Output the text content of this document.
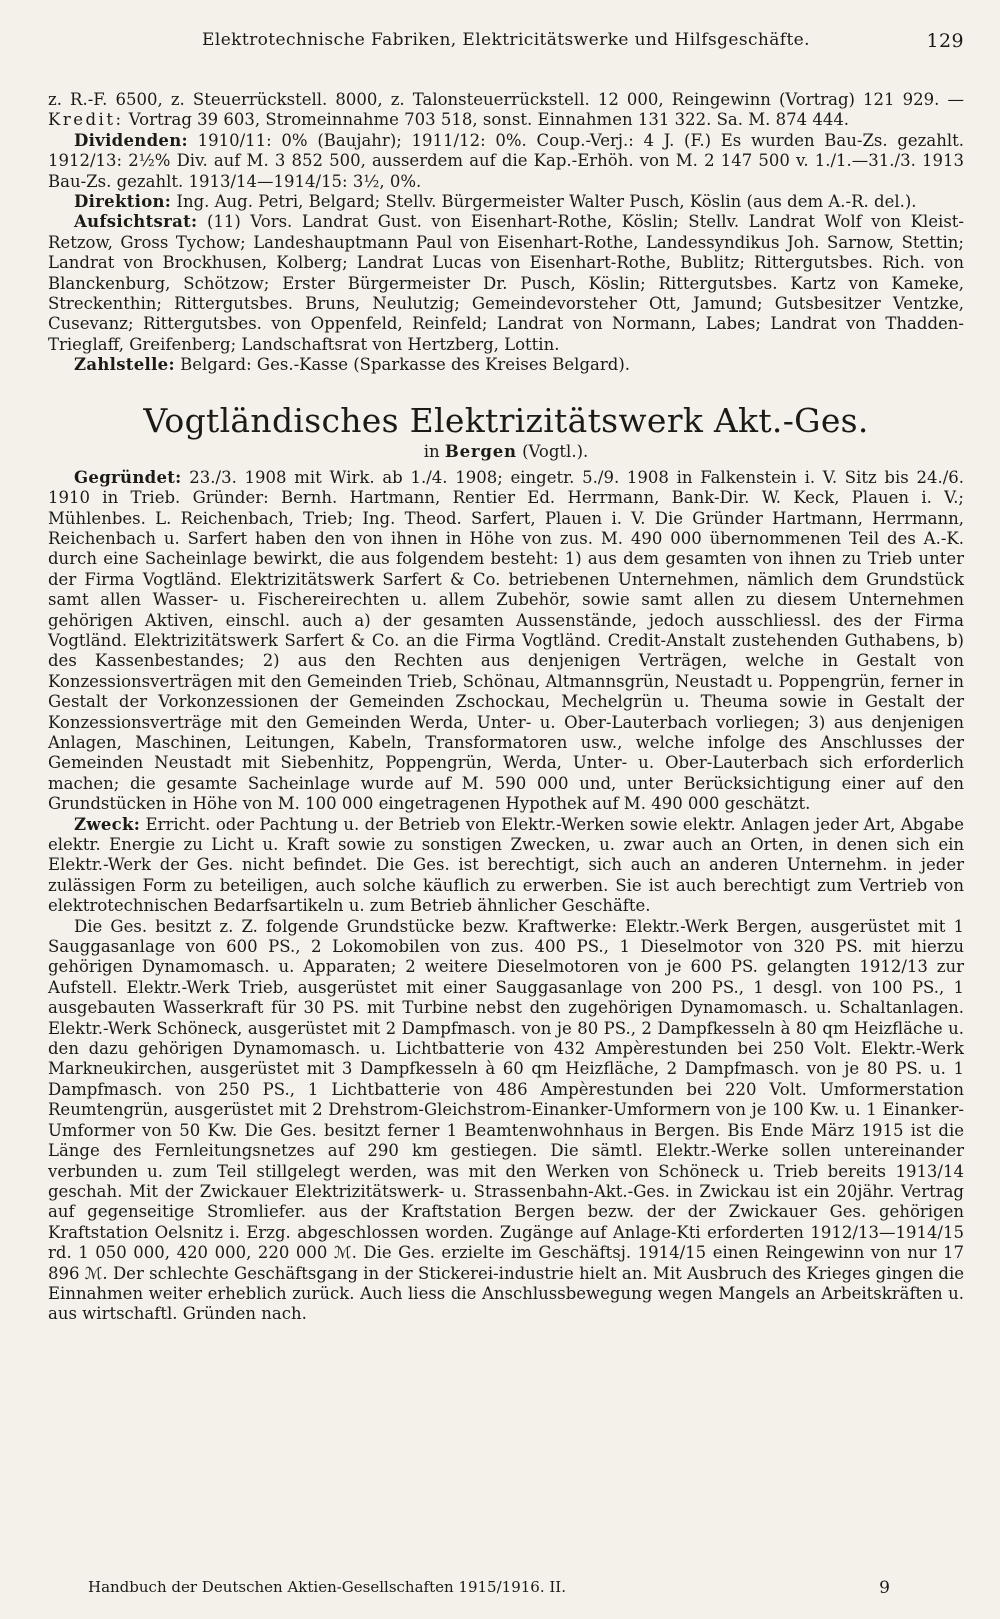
Elektrotechnische Fabriken, Elektricitätswerke und Hilfsgeschäfte.	129

z. R.-F. 6500, z. Steuerrückstell. 8000, z. Talonsteuerrückstell. 12 000, Reingewinn (Vortrag) 121 929. — Kredit: Vortrag 39 603, Stromeinnahme 703 518, sonst. Einnahmen 131 322. Sa. M. 874 444.

Dividenden: 1910/11: 0% (Baujahr); 1911/12: 0%. Coup.-Verj.: 4 J. (F.) Es wurden Bau-Zs. gezahlt. 1912/13: 2½% Div. auf M. 3 852 500, ausserdem auf die Kap.-Erhöh. von M. 2 147 500 v. 1./1.—31./3. 1913 Bau-Zs. gezahlt. 1913/14—1914/15: 3½, 0%.

Direktion: Ing. Aug. Petri, Belgard; Stellv. Bürgermeister Walter Pusch, Köslin (aus dem A.-R. del.).

Aufsichtsrat: (11) Vors. Landrat Gust. von Eisenhart-Rothe, Köslin; Stellv. Landrat Wolf von Kleist-Retzow, Gross Tychow; Landeshauptmann Paul von Eisenhart-Rothe, Landessyndikus Joh. Sarnow, Stettin; Landrat von Brockhusen, Kolberg; Landrat Lucas von Eisenhart-Rothe, Bublitz; Rittergutsbes. Rich. von Blanckenburg, Schötzow; Erster Bürgermeister Dr. Pusch, Köslin; Rittergutsbes. Kartz von Kameke, Streckenthin; Rittergutsbes. Bruns, Neulutzig; Gemeindevorsteher Ott, Jamund; Gutsbesitzer Ventzke, Cusevanz; Rittergutsbes. von Oppenfeld, Reinfeld; Landrat von Normann, Labes; Landrat von Thadden-Trieglaff, Greifenberg; Landschaftsrat von Hertzberg, Lottin.

Zahlstelle: Belgard: Ges.-Kasse (Sparkasse des Kreises Belgard).

Vogtländisches Elektrizitätswerk Akt.-Ges.
in Bergen (Vogtl.).

Gegründet: 23./3. 1908 mit Wirk. ab 1./4. 1908; eingetr. 5./9. 1908 in Falkenstein i. V. Sitz bis 24./6. 1910 in Trieb. Gründer: Bernh. Hartmann, Rentier Ed. Herrmann, Bank-Dir. W. Keck, Plauen i. V.; Mühlenbes. L. Reichenbach, Trieb; Ing. Theod. Sarfert, Plauen i. V. Die Gründer Hartmann, Herrmann, Reichenbach u. Sarfert haben den von ihnen in Höhe von zus. M. 490 000 übernommenen Teil des A.-K. durch eine Sacheinlage bewirkt, die aus folgendem besteht: 1) aus dem gesamten von ihnen zu Trieb unter der Firma Vogtländ. Elektrizitätswerk Sarfert & Co. betriebenen Unternehmen, nämlich dem Grundstück samt allen Wasser- u. Fischereirechten u. allem Zubehör, sowie samt allen zu diesem Unternehmen gehörigen Aktiven, einschl. auch a) der gesamten Aussenstände, jedoch ausschliessl. des der Firma Vogtländ. Elektrizitätswerk Sarfert & Co. an die Firma Vogtländ. Credit-Anstalt zustehenden Guthabens, b) des Kassenbestandes; 2) aus den Rechten aus denjenigen Verträgen, welche in Gestalt von Konzessionsverträgen mit den Gemeinden Trieb, Schönau, Altmannsgrün, Neustadt u. Poppengrün, ferner in Gestalt der Vorkonzessionen der Gemeinden Zschockau, Mechelgrün u. Theuma sowie in Gestalt der Konzessionsverträge mit den Gemeinden Werda, Unter- u. Ober-Lauterbach vorliegen; 3) aus denjenigen Anlagen, Maschinen, Leitungen, Kabeln, Transformatoren usw., welche infolge des Anschlusses der Gemeinden Neustadt mit Siebenhitz, Poppengrün, Werda, Unter- u. Ober-Lauterbach sich erforderlich machen; die gesamte Sacheinlage wurde auf M. 590 000 und, unter Berücksichtigung einer auf den Grundstücken in Höhe von M. 100 000 eingetragenen Hypothek auf M. 490 000 geschätzt.

Zweck: Erricht. oder Pachtung u. der Betrieb von Elektr.-Werken sowie elektr. Anlagen jeder Art, Abgabe elektr. Energie zu Licht u. Kraft sowie zu sonstigen Zwecken, u. zwar auch an Orten, in denen sich ein Elektr.-Werk der Ges. nicht befindet. Die Ges. ist berechtigt, sich auch an anderen Unternehm. in jeder zulässigen Form zu beteiligen, auch solche käuflich zu erwerben. Sie ist auch berechtigt zum Vertrieb von elektrotechnischen Bedarfsartikeln u. zum Betrieb ähnlicher Geschäfte.

Die Ges. besitzt z. Z. folgende Grundstücke bezw. Kraftwerke: Elektr.-Werk Bergen, ausgerüstet mit 1 Sauggasanlage von 600 PS., 2 Lokomobilen von zus. 400 PS., 1 Dieselmotor von 320 PS. mit hierzu gehörigen Dynamomasch. u. Apparaten; 2 weitere Dieselmotoren von je 600 PS. gelangten 1912/13 zur Aufstell. Elektr.-Werk Trieb, ausgerüstet mit einer Sauggasanlage von 200 PS., 1 desgl. von 100 PS., 1 ausgebauten Wasserkraft für 30 PS. mit Turbine nebst den zugehörigen Dynamomasch. u. Schaltanlagen. Elektr.-Werk Schöneck, ausgerüstet mit 2 Dampfmasch. von je 80 PS., 2 Dampfkesseln à 80 qm Heizfläche u. den dazu gehörigen Dynamomasch. u. Lichtbatterie von 432 Ampèrestunden bei 250 Volt. Elektr.-Werk Markneukirchen, ausgerüstet mit 3 Dampfkesseln à 60 qm Heizfläche, 2 Dampfmasch. von je 80 PS. u. 1 Dampfmasch. von 250 PS., 1 Lichtbatterie von 486 Ampèrestunden bei 220 Volt. Umformerstation Reumtengrün, ausgerüstet mit 2 Drehstrom-Gleichstrom-Einanker-Umformern von je 100 Kw. u. 1 Einanker-Umformer von 50 Kw. Die Ges. besitzt ferner 1 Beamtenwohnhaus in Bergen. Bis Ende März 1915 ist die Länge des Fernleitungsnetzes auf 290 km gestiegen. Die sämtl. Elektr.-Werke sollen untereinander verbunden u. zum Teil stillgelegt werden, was mit den Werken von Schöneck u. Trieb bereits 1913/14 geschah. Mit der Zwickauer Elektrizitätswerk- u. Strassenbahn-Akt.-Ges. in Zwickau ist ein 20jähr. Vertrag auf gegenseitige Stromliefer. aus der Kraftstation Bergen bezw. der der Zwickauer Ges. gehörigen Kraftstation Oelsnitz i. Erzg. abgeschlossen worden. Zugänge auf Anlage-Kti erforderten 1912/13—1914/15 rd. 1 050 000, 420 000, 220 000 ℳ. Die Ges. erzielte im Geschäftsj. 1914/15 einen Reingewinn von nur 17 896 ℳ. Der schlechte Geschäftsgang in der Stickerei-industrie hielt an. Mit Ausbruch des Krieges gingen die Einnahmen weiter erheblich zurück. Auch liess die Anschlussbewegung wegen Mangels an Arbeitskräften u. aus wirtschaftl. Gründen nach.

Handbuch der Deutschen Aktien-Gesellschaften 1915/1916. II.	9
